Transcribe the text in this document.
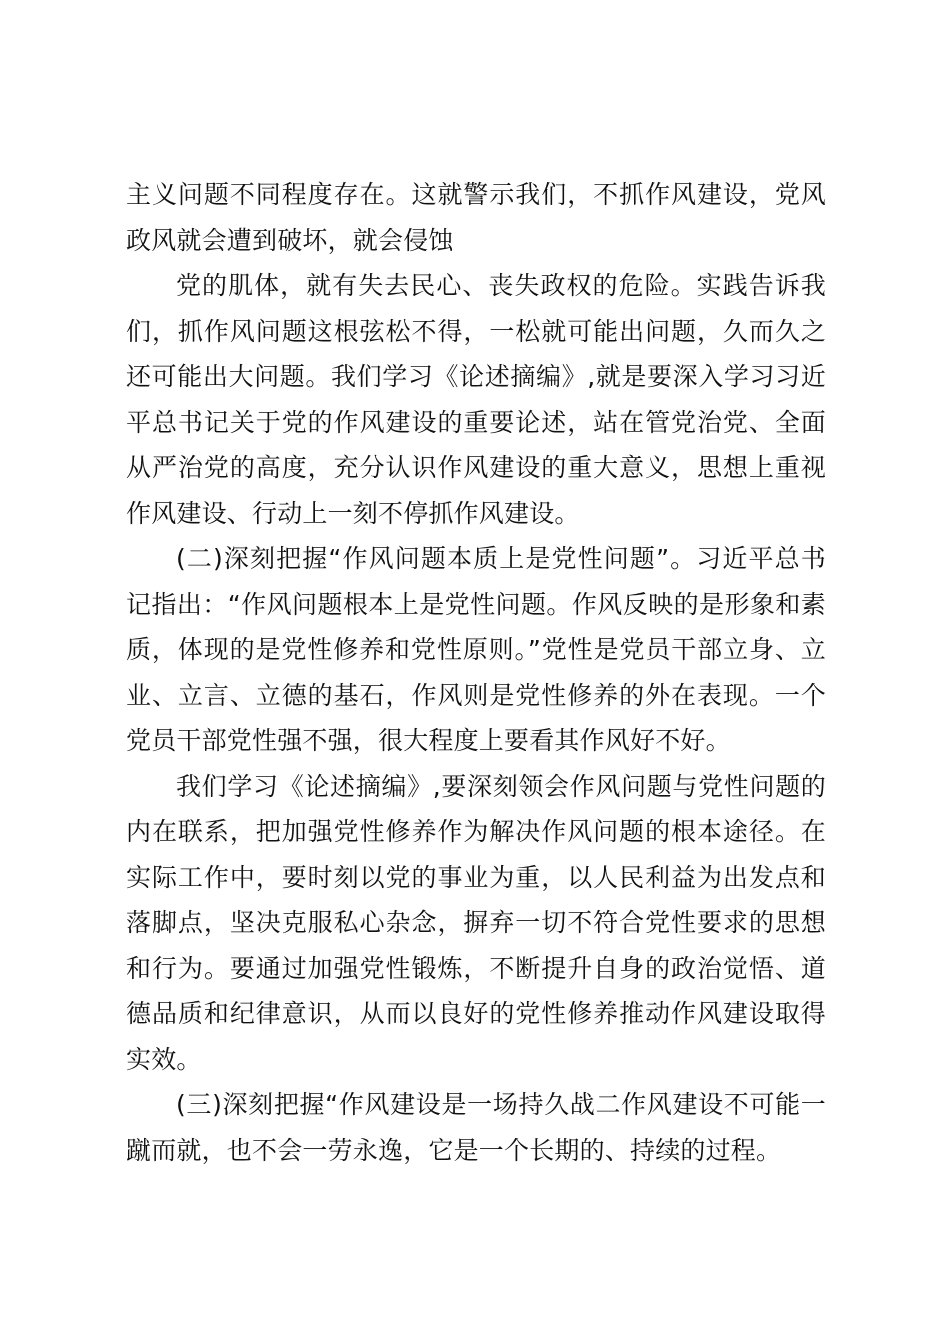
主义问题不同程度存在。这就警示我们，不抓作风建设，党风政风就会遭到破坏，就会侵蚀

党的肌体，就有失去民心、丧失政权的危险。实践告诉我们，抓作风问题这根弦松不得，一松就可能出问题，久而久之还可能出大问题。我们学习《论述摘编》,就是要深入学习习近平总书记关于党的作风建设的重要论述，站在管党治党、全面从严治党的高度，充分认识作风建设的重大意义，思想上重视作风建设、行动上一刻不停抓作风建设。

(二)深刻把握“作风问题本质上是党性问题”。习近平总书记指出：“作风问题根本上是党性问题。作风反映的是形象和素质，体现的是党性修养和党性原则。”党性是党员干部立身、立业、立言、立德的基石，作风则是党性修养的外在表现。一个党员干部党性强不强，很大程度上要看其作风好不好。

我们学习《论述摘编》,要深刻领会作风问题与党性问题的内在联系，把加强党性修养作为解决作风问题的根本途径。在实际工作中，要时刻以党的事业为重，以人民利益为出发点和落脚点，坚决克服私心杂念，摒弃一切不符合党性要求的思想和行为。要通过加强党性锻炼，不断提升自身的政治觉悟、道德品质和纪律意识，从而以良好的党性修养推动作风建设取得实效。

(三)深刻把握“作风建设是一场持久战二作风建设不可能一蹴而就，也不会一劳永逸，它是一个长期的、持续的过程。
